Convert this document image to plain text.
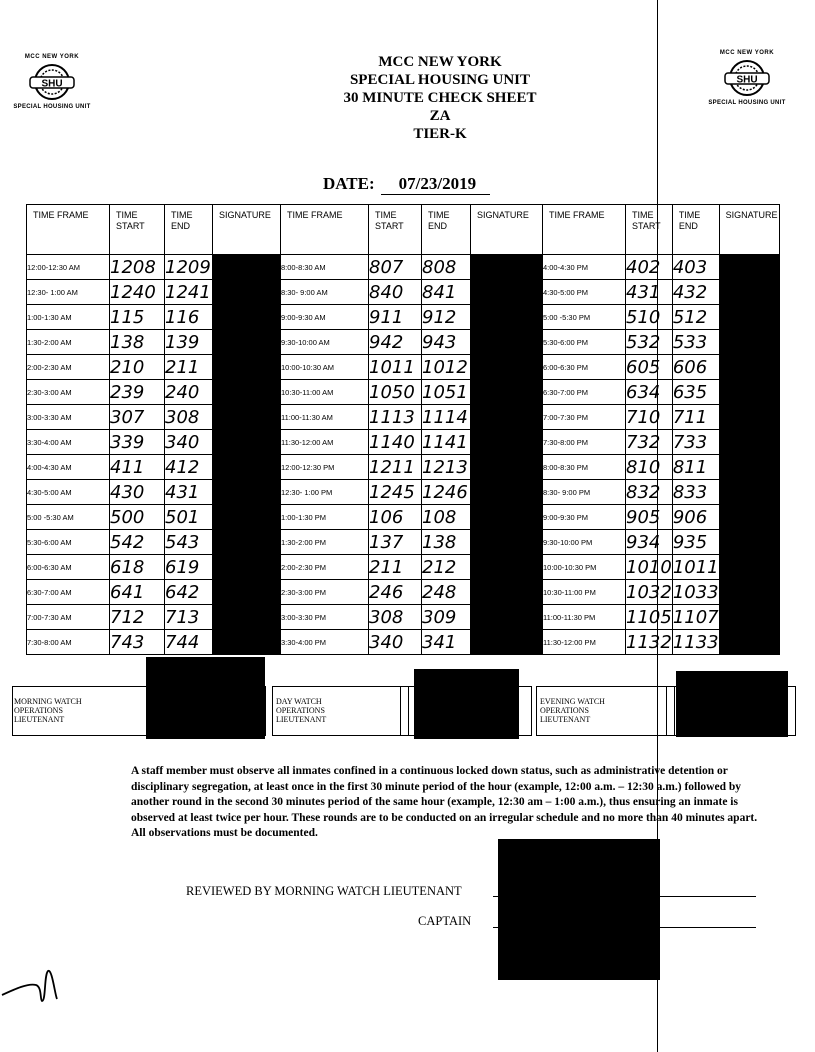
MCC NEW YORK
SHU
SPECIAL HOUSING UNIT
MCC NEW YORK
SHU
SPECIAL HOUSING UNIT
MCC NEW YORK
SPECIAL HOUSING UNIT
30 MINUTE CHECK SHEET
ZA
TIER-K
DATE: 07/23/2019
TIME FRAME	TIME START	TIME END	SIGNATURE	TIME FRAME	TIME START	TIME END	SIGNATURE	TIME FRAME	TIME START	TIME END	SIGNATURE
12:00-12:30 AM	1208	1209		8:00-8:30 AM	807	808		4:00-4:30 PM	402	403	
12:30- 1:00 AM	1240	1241		8:30- 9:00 AM	840	841		4:30-5:00 PM	431	432	
1:00-1:30 AM	115	116		9:00-9:30 AM	911	912		5:00 -5:30 PM	510	512	
1:30-2:00 AM	138	139		9:30-10:00 AM	942	943		5:30-6:00 PM	532	533	
2:00-2:30 AM	210	211		10:00-10:30 AM	1011	1012		6:00-6:30 PM	605	606	
2:30-3:00 AM	239	240		10:30-11:00 AM	1050	1051		6:30-7:00 PM	634	635	
3:00-3:30 AM	307	308		11:00-11:30 AM	1113	1114		7:00-7:30 PM	710	711	
3:30-4:00 AM	339	340		11:30-12:00 AM	1140	1141		7:30-8:00 PM	732	733	
4:00-4:30 AM	411	412		12:00-12:30 PM	1211	1213		8:00-8:30 PM	810	811	
4:30-5:00 AM	430	431		12:30- 1:00 PM	1245	1246		8:30- 9:00 PM	832	833	
5:00 -5:30 AM	500	501		1:00-1:30 PM	106	108		9:00-9:30 PM	905	906	
5:30-6:00 AM	542	543		1:30-2:00 PM	137	138		9:30-10:00 PM	934	935	
6:00-6:30 AM	618	619		2:00-2:30 PM	211	212		10:00-10:30 PM	1010	1011	
6:30-7:00 AM	641	642		2:30-3:00 PM	246	248		10:30-11:00 PM	1032	1033	
7:00-7:30 AM	712	713		3:00-3:30 PM	308	309		11:00-11:30 PM	1105	1107	
7:30-8:00 AM	743	744		3:30-4:00 PM	340	341		11:30-12:00 PM	1132	1133	
MORNING WATCH OPERATIONS LIEUTENANT
DAY WATCH OPERATIONS LIEUTENANT
EVENING WATCH OPERATIONS LIEUTENANT
A staff member must observe all inmates confined in a continuous locked down status, such as administrative detention or disciplinary segregation, at least once in the first 30 minute period of the hour (example, 12:00 a.m. – 12:30 a.m.) followed by another round in the second 30 minutes period of the same hour (example, 12:30 am – 1:00 a.m.), thus ensuring an inmate is observed at least twice per hour. These rounds are to be conducted on an irregular schedule and no more than 40 minutes apart. All observations must be documented.
REVIEWED BY MORNING WATCH LIEUTENANT
CAPTAIN
